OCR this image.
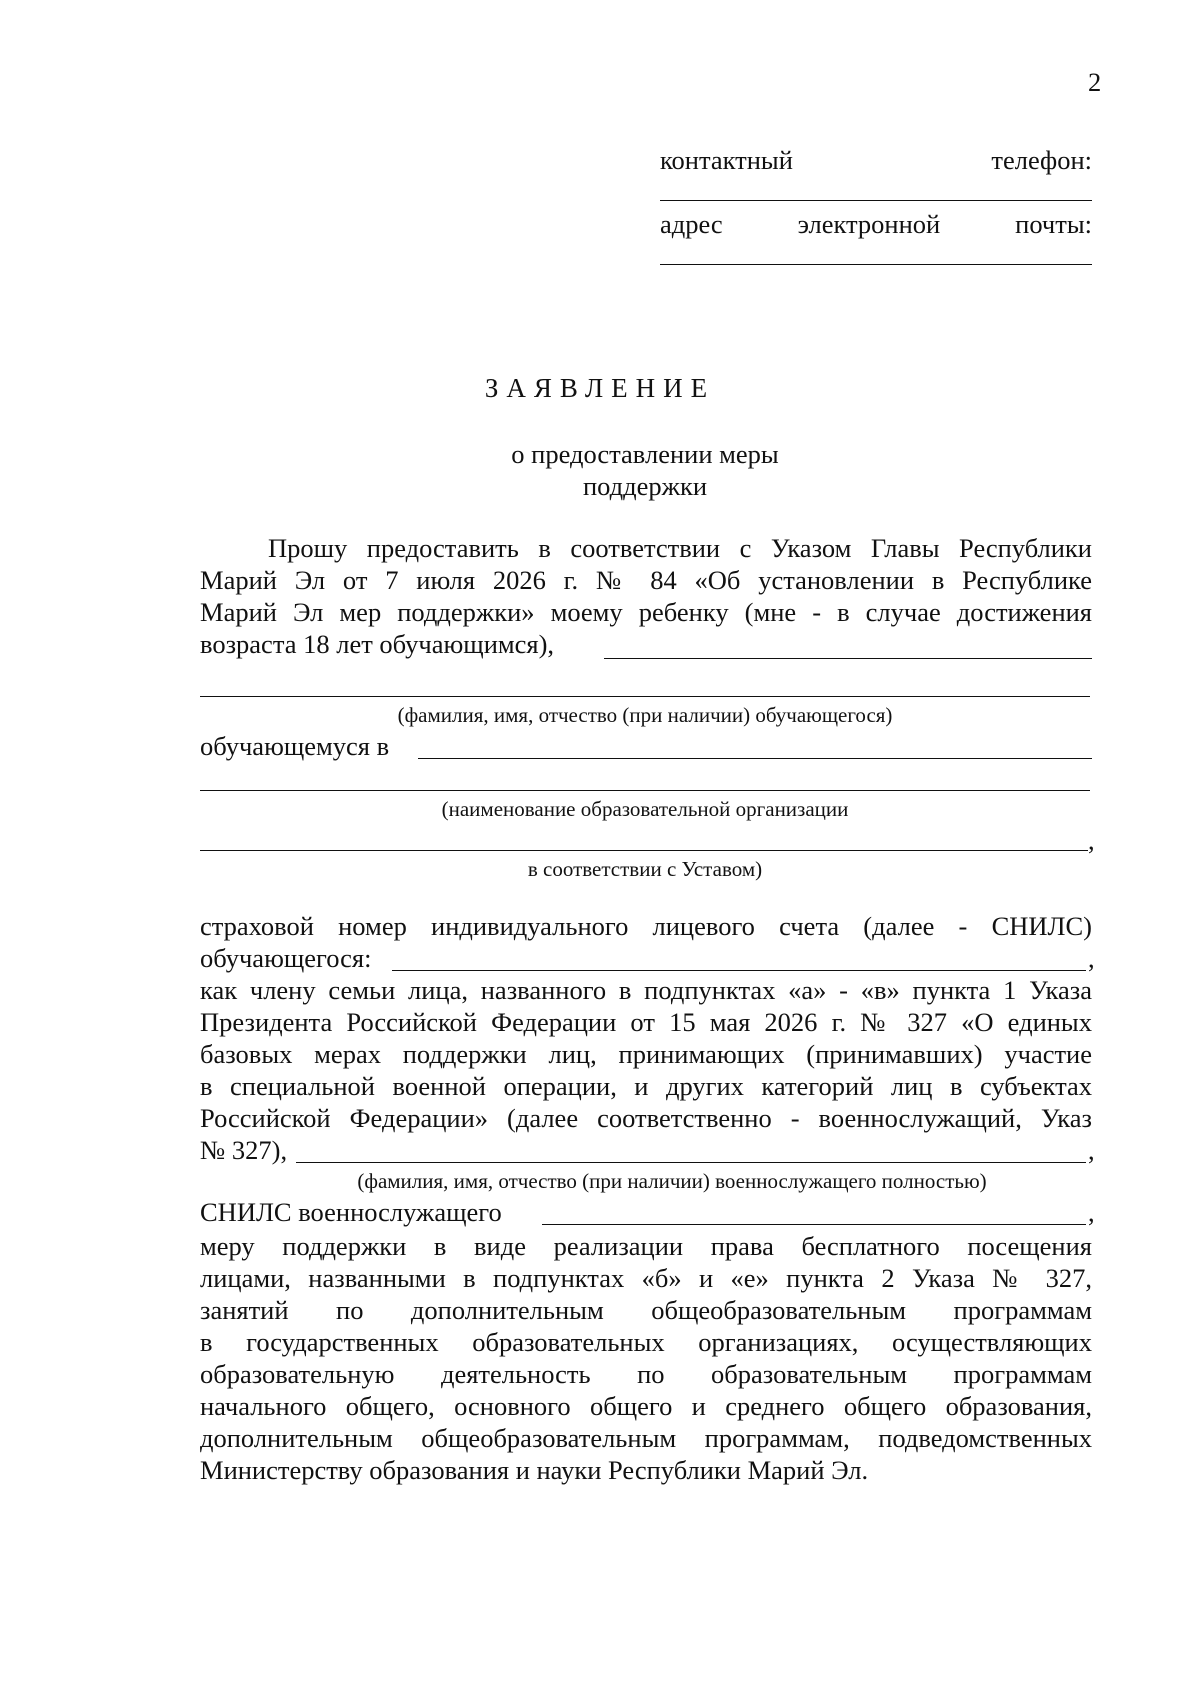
2
контактный	телефон:
адрес	электронной	почты:
ЗАЯВЛЕНИЕ
о предоставлении меры
поддержки
Прошу предоставить в соответствии с Указом Главы Республики
Марий Эл от 7 июля 2026 г. № 84 «Об установлении в Республике
Марий Эл мер поддержки» моему ребенку (мне - в случае достижения
возраста 18 лет обучающимся),
(фамилия, имя, отчество (при наличии) обучающегося)
обучающемуся в
(наименование образовательной организации
,
в соответствии с Уставом)
страховой номер индивидуального лицевого счета (далее - СНИЛС)
обучающегося:	,
как члену семьи лица, названного в подпунктах «а» - «в» пункта 1 Указа
Президента Российской Федерации от 15 мая 2026 г. № 327 «О единых
базовых мерах поддержки лиц, принимающих (принимавших) участие
в специальной военной операции, и других категорий лиц в субъектах
Российской Федерации» (далее соответственно - военнослужащий, Указ
№ 327),	,
(фамилия, имя, отчество (при наличии) военнослужащего полностью)
СНИЛС военнослужащего	,
меру поддержки в виде реализации права бесплатного посещения
лицами, названными в подпунктах «б» и «е» пункта 2 Указа № 327,
занятий по дополнительным общеобразовательным программам
в государственных образовательных организациях, осуществляющих
образовательную деятельность по образовательным программам
начального общего, основного общего и среднего общего образования,
дополнительным общеобразовательным программам, подведомственных
Министерству образования и науки Республики Марий Эл.
